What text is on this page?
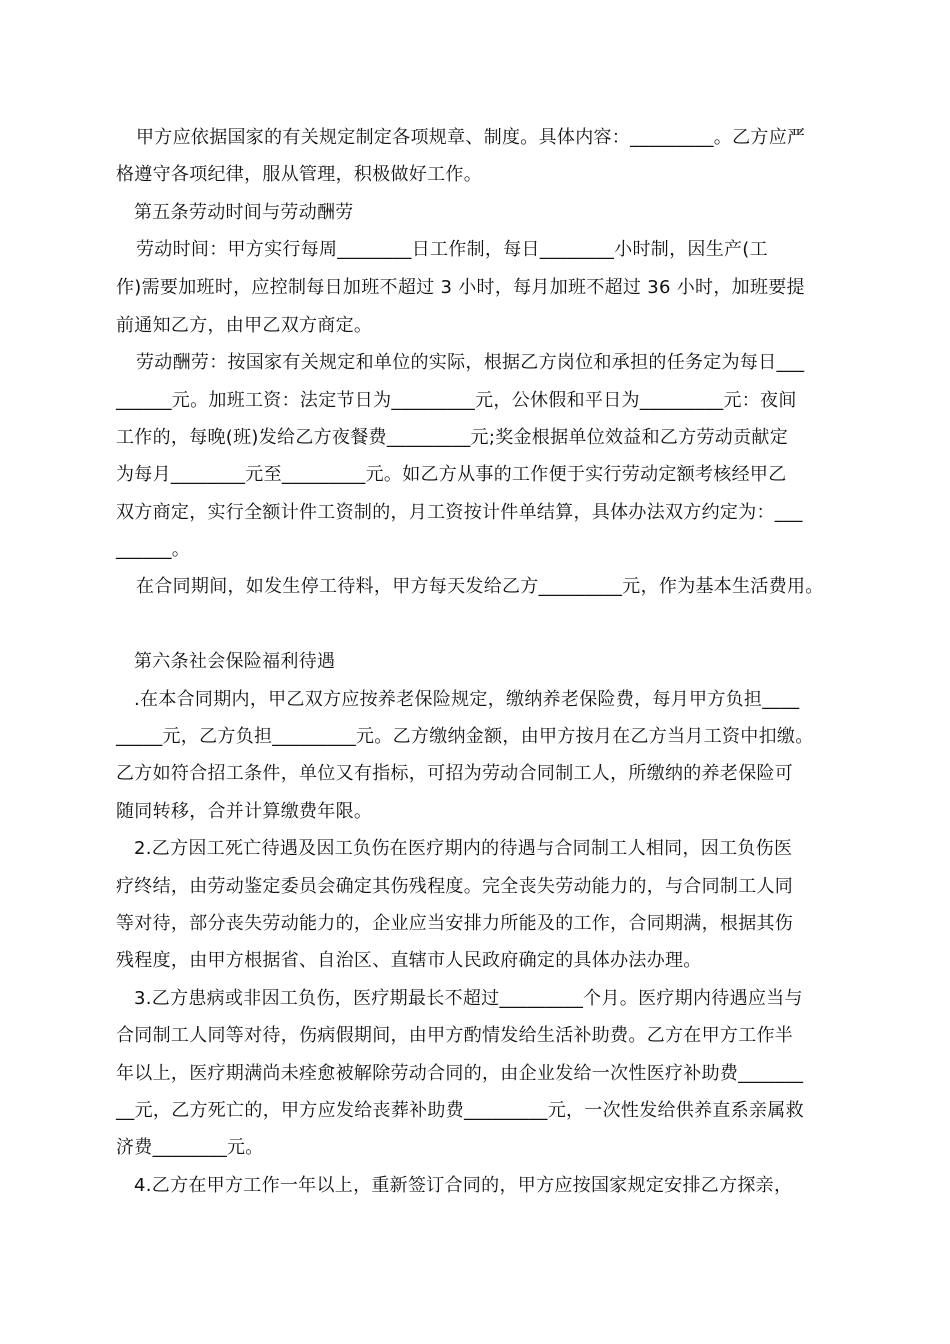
甲方应依据国家的有关规定制定各项规章、制度。具体内容：_________。乙方应严
格遵守各项纪律，服从管理，积极做好工作。
第五条劳动时间与劳动酬劳
劳动时间：甲方实行每周________日工作制，每日________小时制，因生产(工
作)需要加班时，应控制每日加班不超过 3 小时，每月加班不超过 36 小时，加班要提
前通知乙方，由甲乙双方商定。
劳动酬劳：按国家有关规定和单位的实际，根据乙方岗位和承担的任务定为每日___
______元。加班工资：法定节日为_________元，公休假和平日为_________元：夜间
工作的，每晚(班)发给乙方夜餐费_________元;奖金根据单位效益和乙方劳动贡献定
为每月________元至_________元。如乙方从事的工作便于实行劳动定额考核经甲乙
双方商定，实行全额计件工资制的，月工资按计件单结算，具体办法双方约定为：___
______。
在合同期间，如发生停工待料，甲方每天发给乙方_________元，作为基本生活费用。
第六条社会保险福利待遇
.在本合同期内，甲乙双方应按养老保险规定，缴纳养老保险费，每月甲方负担____
_____元，乙方负担_________元。乙方缴纳金额，由甲方按月在乙方当月工资中扣缴。
乙方如符合招工条件，单位又有指标，可招为劳动合同制工人，所缴纳的养老保险可
随同转移，合并计算缴费年限。
2.乙方因工死亡待遇及因工负伤在医疗期内的待遇与合同制工人相同，因工负伤医
疗终结，由劳动鉴定委员会确定其伤残程度。完全丧失劳动能力的，与合同制工人同
等对待，部分丧失劳动能力的，企业应当安排力所能及的工作，合同期满，根据其伤
残程度，由甲方根据省、自治区、直辖市人民政府确定的具体办法办理。
3.乙方患病或非因工负伤，医疗期最长不超过_________个月。医疗期内待遇应当与
合同制工人同等对待，伤病假期间，由甲方酌情发给生活补助费。乙方在甲方工作半
年以上，医疗期满尚未痊愈被解除劳动合同的，由企业发给一次性医疗补助费_______
__元，乙方死亡的，甲方应发给丧葬补助费_________元，一次性发给供养直系亲属救
济费________元。
4.乙方在甲方工作一年以上，重新签订合同的，甲方应按国家规定安排乙方探亲，
